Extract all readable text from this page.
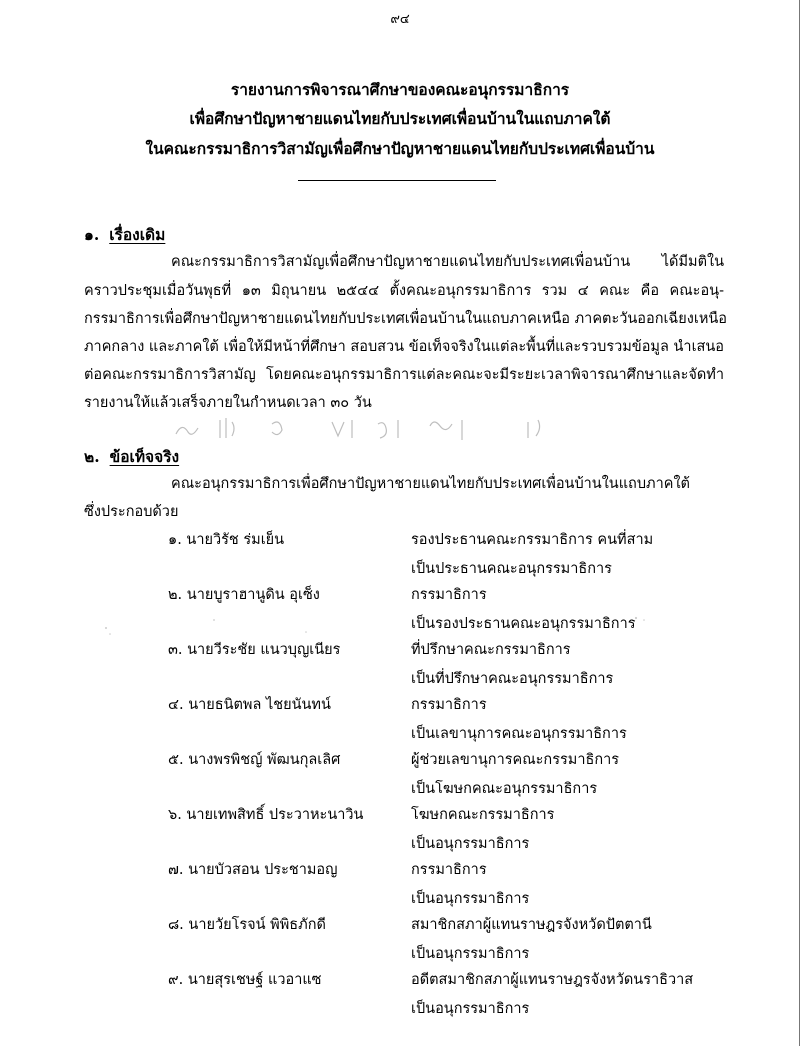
๙๔
รายงานการพิจารณาศึกษาของคณะอนุกรรมาธิการ
เพื่อศึกษาปัญหาชายแดนไทยกับประเทศเพื่อนบ้านในแถบภาคใต้
ในคณะกรรมาธิการวิสามัญเพื่อศึกษาปัญหาชายแดนไทยกับประเทศเพื่อนบ้าน
๑. เรื่องเดิม
คณะกรรมาธิการวิสามัญเพื่อศึกษาปัญหาชายแดนไทยกับประเทศเพื่อนบ้าน ได้มีมติใน
คราวประชุมเมื่อวันพุธที่ ๑๓ มิถุนายน ๒๕๔๔ ตั้งคณะอนุกรรมาธิการ รวม ๔ คณะ คือ คณะอนุ-
กรรมาธิการเพื่อศึกษาปัญหาชายแดนไทยกับประเทศเพื่อนบ้านในแถบภาคเหนือ ภาคตะวันออกเฉียงเหนือ
ภาคกลาง และภาคใต้ เพื่อให้มีหน้าที่ศึกษา สอบสวน ข้อเท็จจริงในแต่ละพื้นที่และรวบรวมข้อมูล นำเสนอ
ต่อคณะกรรมาธิการวิสามัญ โดยคณะอนุกรรมาธิการแต่ละคณะจะมีระยะเวลาพิจารณาศึกษาและจัดทำ
รายงานให้แล้วเสร็จภายในกำหนดเวลา ๓๐ วัน
๒. ข้อเท็จจริง
คณะอนุกรรมาธิการเพื่อศึกษาปัญหาชายแดนไทยกับประเทศเพื่อนบ้านในแถบภาคใต้
ซึ่งประกอบด้วย
๑. นายวิรัช ร่มเย็น	รองประธานคณะกรรมาธิการ คนที่สาม
เป็นประธานคณะอนุกรรมาธิการ
๒. นายบูราฮานูดิน อุเซ็ง	กรรมาธิการ
เป็นรองประธานคณะอนุกรรมาธิการ
๓. นายวีระชัย แนวบุญเนียร	ที่ปรึกษาคณะกรรมาธิการ
เป็นที่ปรึกษาคณะอนุกรรมาธิการ
๔. นายธนิตพล ไชยนันทน์	กรรมาธิการ
เป็นเลขานุการคณะอนุกรรมาธิการ
๕. นางพรพิชญ์ พัฒนกุลเลิศ	ผู้ช่วยเลขานุการคณะกรรมาธิการ
เป็นโฆษกคณะอนุกรรมาธิการ
๖. นายเทพสิทธิ์ ประวาหะนาวิน	โฆษกคณะกรรมาธิการ
เป็นอนุกรรมาธิการ
๗. นายบัวสอน ประชามอญ	กรรมาธิการ
เป็นอนุกรรมาธิการ
๘. นายวัยโรจน์ พิพิธภักดี	สมาชิกสภาผู้แทนราษฎรจังหวัดปัตตานี
เป็นอนุกรรมาธิการ
๙. นายสุรเชษฐ์ แวอาแซ	อดีตสมาชิกสภาผู้แทนราษฎรจังหวัดนราธิวาส
เป็นอนุกรรมาธิการ
